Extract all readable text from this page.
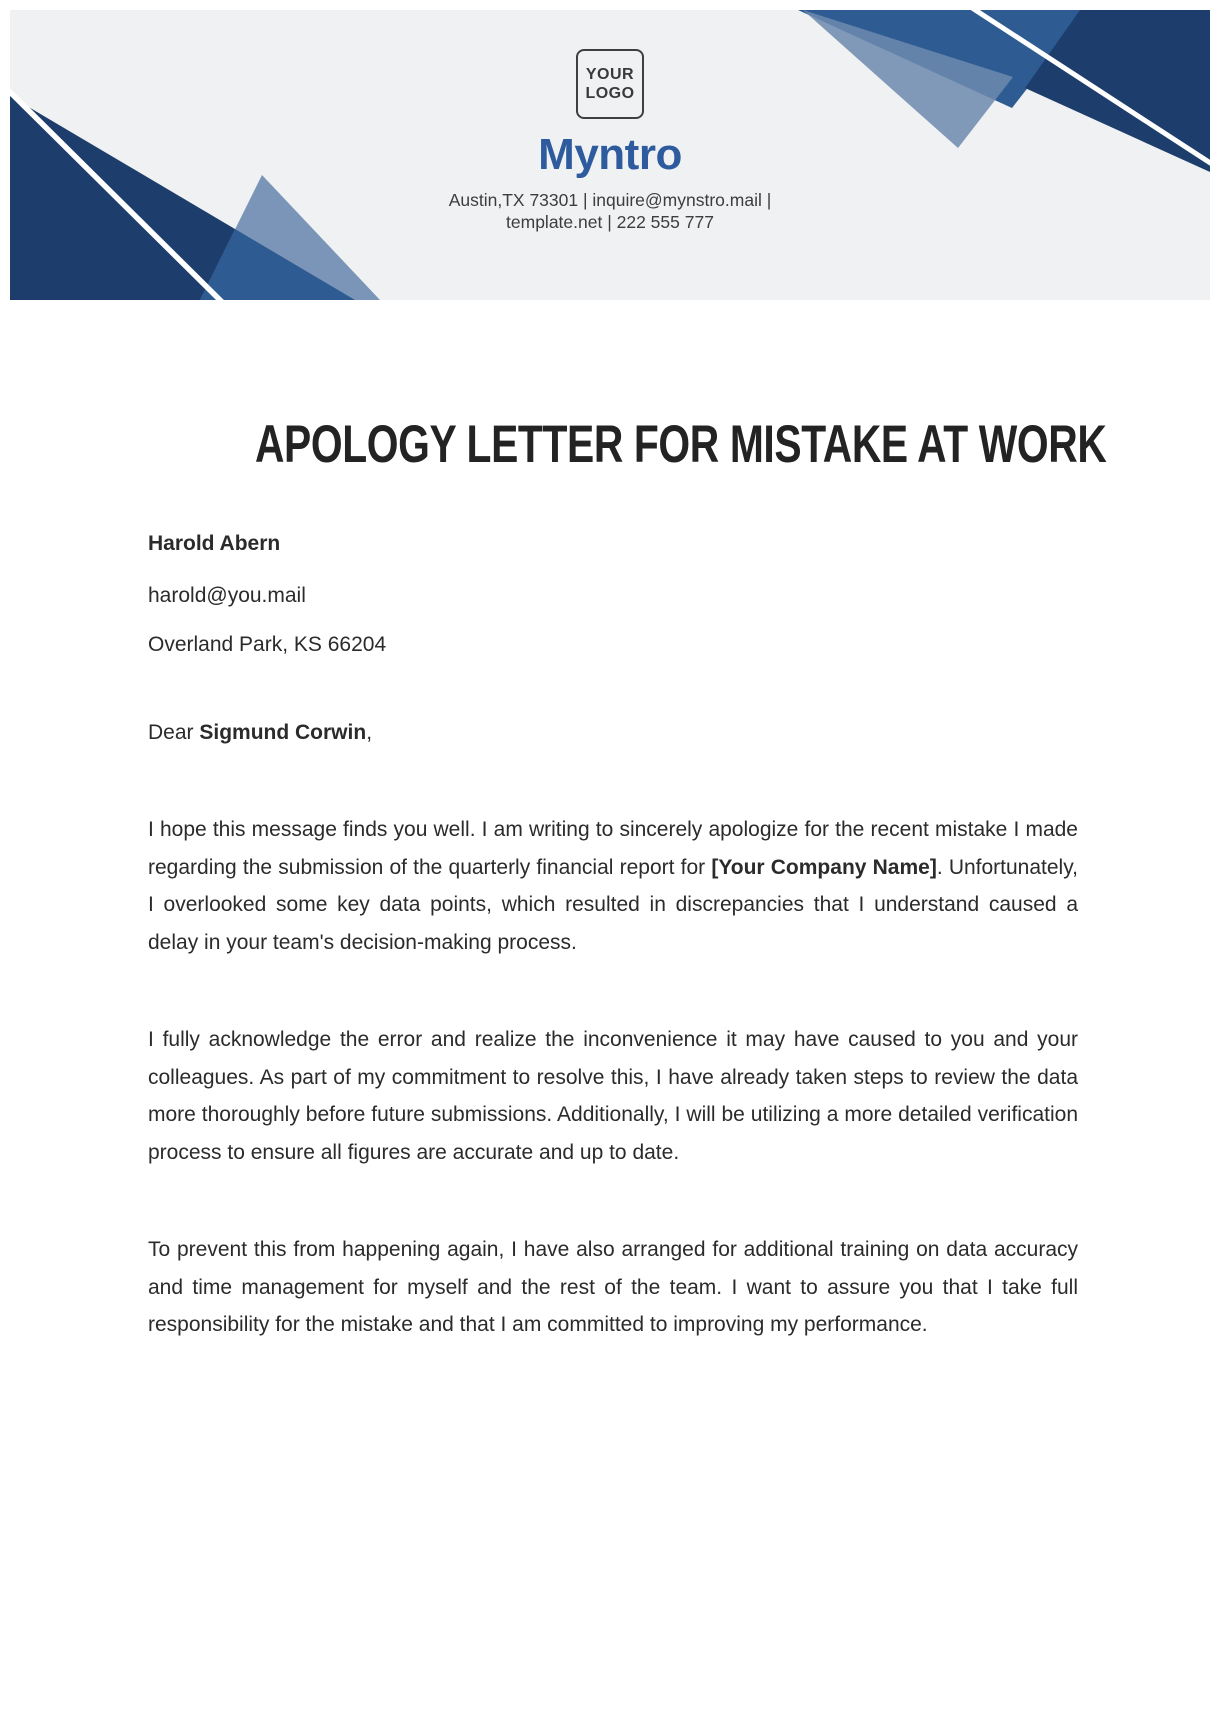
YOUR
LOGO
Myntro
Austin,TX 73301 | inquire@mynstro.mail |
template.net | 222 555 777
APOLOGY LETTER FOR MISTAKE AT WORK

Harold Abern

harold@you.mail

Overland Park, KS 66204

Dear Sigmund Corwin,

I hope this message finds you well. I am writing to sincerely apologize for the recent mistake I made regarding the submission of the quarterly financial report for [Your Company Name]. Unfortunately, I overlooked some key data points, which resulted in discrepancies that I understand caused a delay in your team's decision-making process.

I fully acknowledge the error and realize the inconvenience it may have caused to you and your colleagues. As part of my commitment to resolve this, I have already taken steps to review the data more thoroughly before future submissions. Additionally, I will be utilizing a more detailed verification process to ensure all figures are accurate and up to date.

To prevent this from happening again, I have also arranged for additional training on data accuracy and time management for myself and the rest of the team. I want to assure you that I take full responsibility for the mistake and that I am committed to improving my performance.
